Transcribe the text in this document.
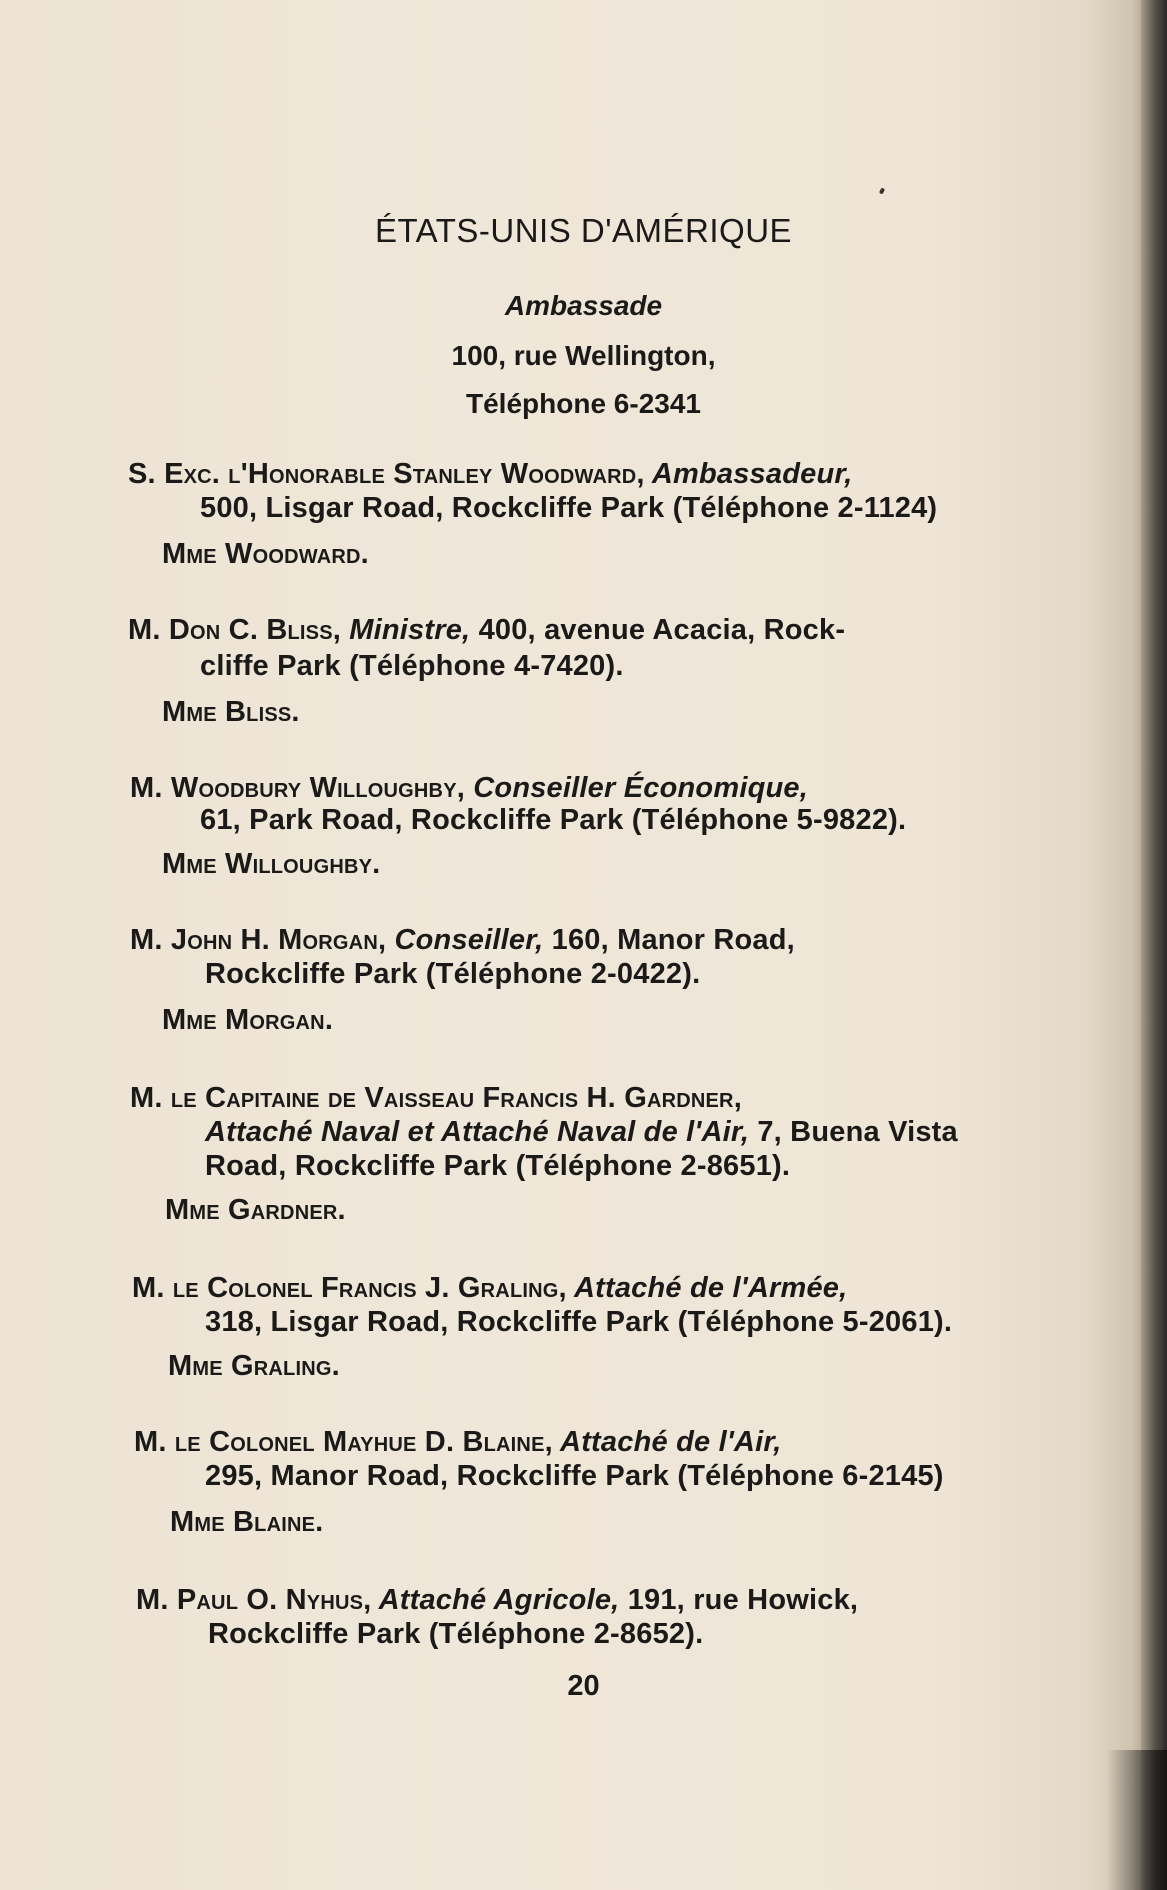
ÉTATS-UNIS D'AMÉRIQUE
Ambassade
100, rue Wellington,
Téléphone 6-2341
S. Exc. l'Honorable Stanley Woodward, Ambassadeur,
500, Lisgar Road, Rockcliffe Park (Téléphone 2-1124)
Mme Woodward.
M. Don C. Bliss, Ministre, 400, avenue Acacia, Rock-
cliffe Park (Téléphone 4-7420).
Mme Bliss.
M. Woodbury Willoughby, Conseiller Économique,
61, Park Road, Rockcliffe Park (Téléphone 5-9822).
Mme Willoughby.
M. John H. Morgan, Conseiller, 160, Manor Road,
Rockcliffe Park (Téléphone 2-0422).
Mme Morgan.
M. le Capitaine de Vaisseau Francis H. Gardner,
Attaché Naval et Attaché Naval de l'Air, 7, Buena Vista
Road, Rockcliffe Park (Téléphone 2-8651).
Mme Gardner.
M. le Colonel Francis J. Graling, Attaché de l'Armée,
318, Lisgar Road, Rockcliffe Park (Téléphone 5-2061).
Mme Graling.
M. le Colonel Mayhue D. Blaine, Attaché de l'Air,
295, Manor Road, Rockcliffe Park (Téléphone 6-2145)
Mme Blaine.
M. Paul O. Nyhus, Attaché Agricole, 191, rue Howick,
Rockcliffe Park (Téléphone 2-8652).
20
